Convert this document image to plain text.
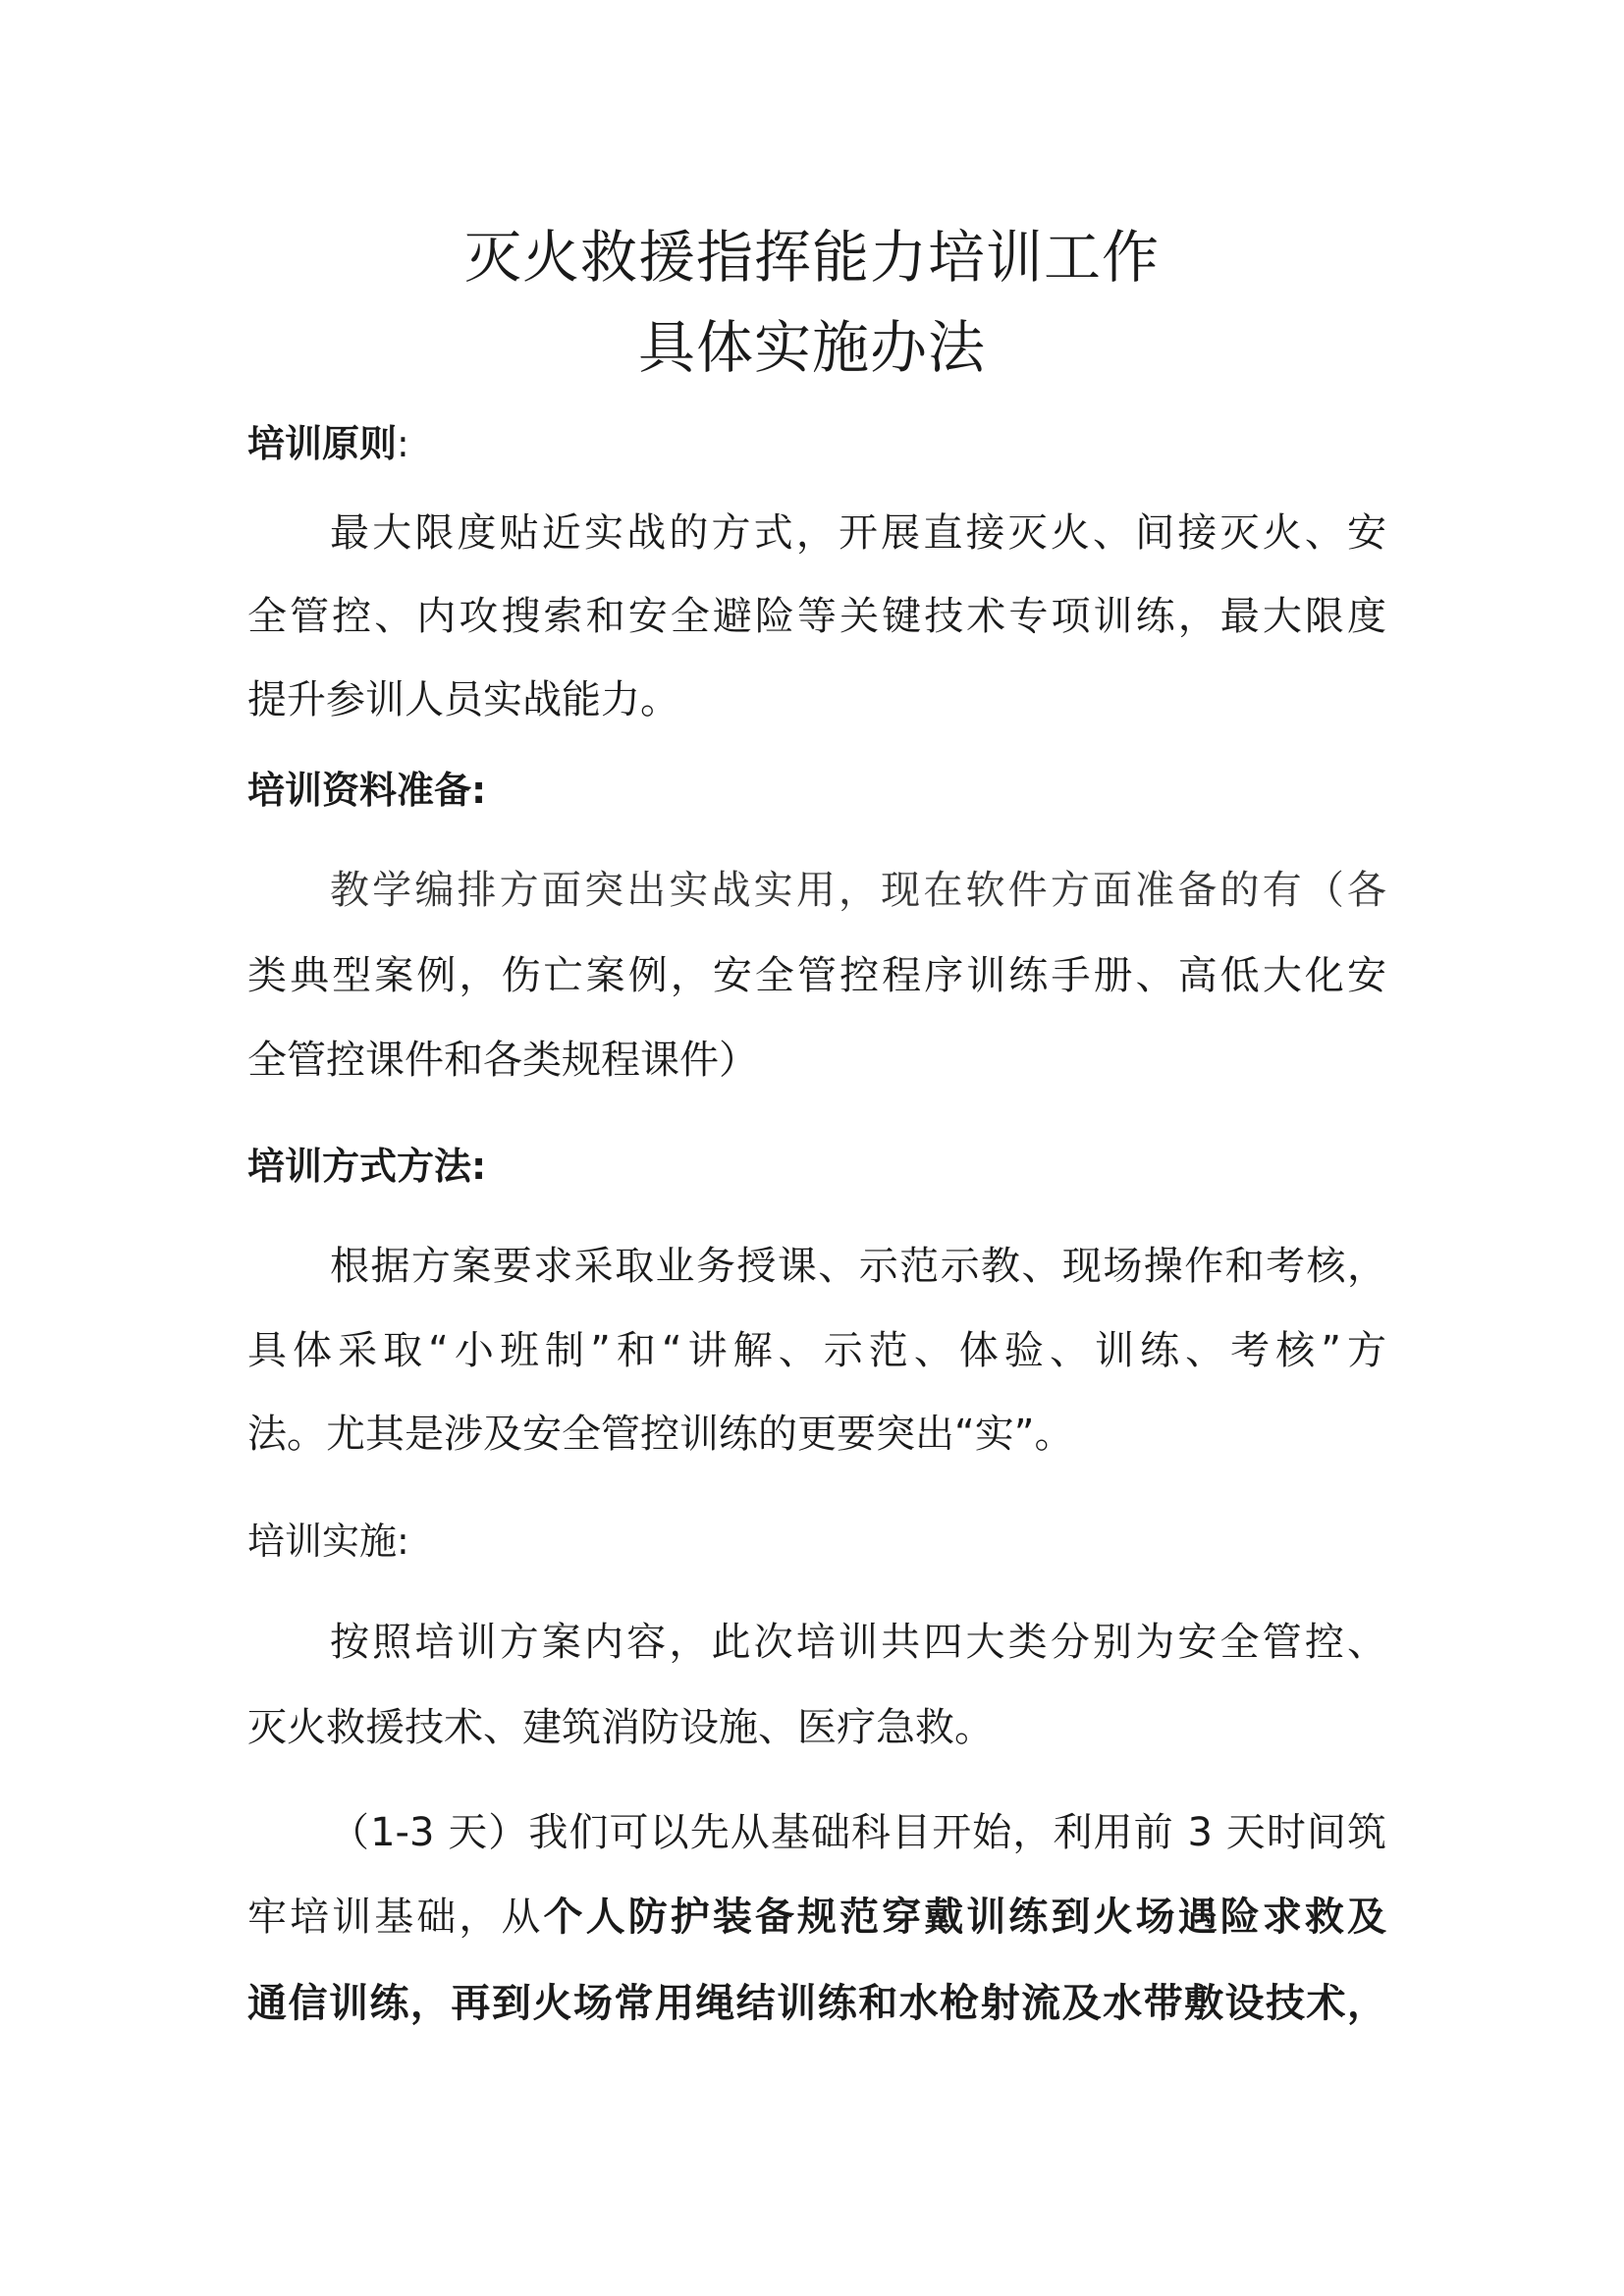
灭火救援指挥能力培训工作
具体实施办法
培训原则:

最大限度贴近实战的方式，开展直接灭火、间接灭火、安

全管控、内攻搜索和安全避险等关键技术专项训练，最大限度

提升参训人员实战能力。

培训资料准备:

教学编排方面突出实战实用，现在软件方面准备的有（各

类典型案例，伤亡案例，安全管控程序训练手册、高低大化安

全管控课件和各类规程课件）

培训方式方法:

根据方案要求采取业务授课、示范示教、现场操作和考核，

具体采取“小班制”和“讲解、示范、体验、训练、考核”方

法。尤其是涉及安全管控训练的更要突出“实”。

培训实施:

按照培训方案内容，此次培训共四大类分别为安全管控、

灭火救援技术、建筑消防设施、医疗急救。

（1-3 天）我们可以先从基础科目开始，利用前 3 天时间筑

牢培训基础，从个人防护装备规范穿戴训练到火场遇险求救及

通信训练，再到火场常用绳结训练和水枪射流及水带敷设技术，
